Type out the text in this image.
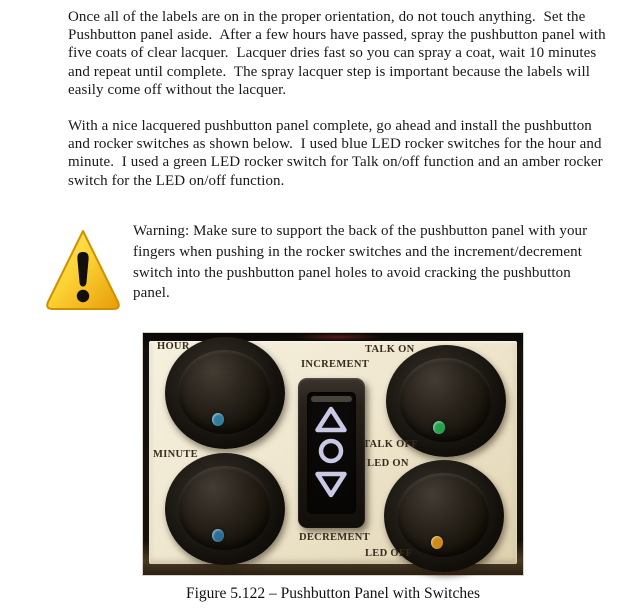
Once all of the labels are on in the proper orientation, do not touch anything.  Set the Pushbutton panel aside.  After a few hours have passed, spray the pushbutton panel with five coats of clear lacquer.  Lacquer dries fast so you can spray a coat, wait 10 minutes and repeat until complete.  The spray lacquer step is important because the labels will easily come off without the lacquer.

With a nice lacquered pushbutton panel complete, go ahead and install the pushbutton and rocker switches as shown below.  I used blue LED rocker switches for the hour and minute.  I used a green LED rocker switch for Talk on/off function and an amber rocker switch for the LED on/off function.

Warning: Make sure to support the back of the pushbutton panel with your fingers when pushing in the rocker switches and the increment/decrement switch into the pushbutton panel holes to avoid cracking the pushbutton panel.

HOUR	TALK ON
INCREMENT
TALK OFF
LED ON
MINUTE
DECREMENT
LED OFF
Figure 5.122 – Pushbutton Panel with Switches
